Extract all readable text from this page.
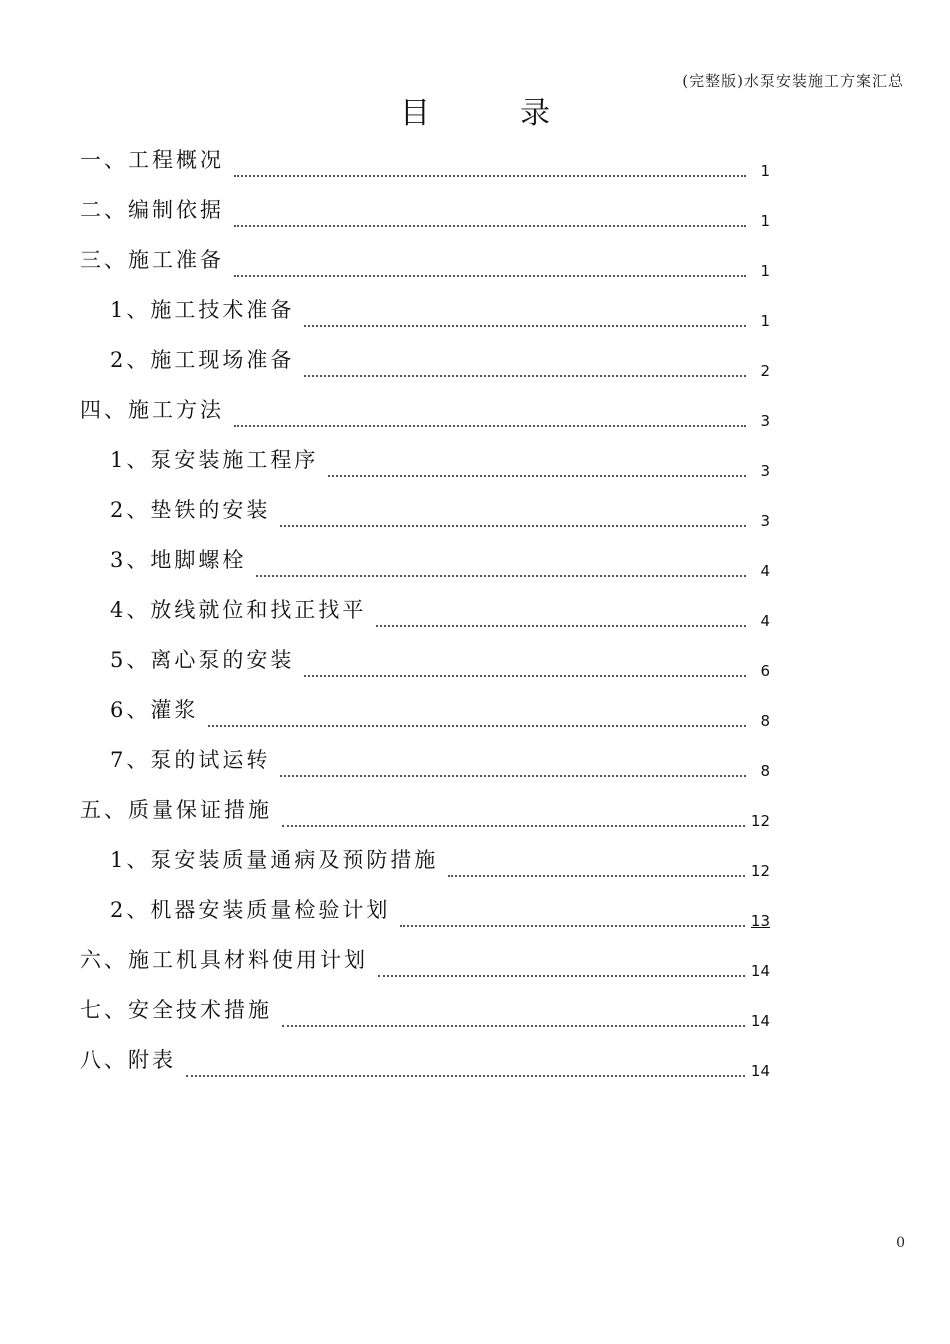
(完整版)水泵安装施工方案汇总
目录
一、工程概况	1
二、编制依据	1
三、施工准备	1
1、施工技术准备	1
2、施工现场准备	2
四、施工方法	3
1、泵安装施工程序	3
2、垫铁的安装	3
3、地脚螺栓	4
4、放线就位和找正找平	4
5、离心泵的安装	6
6、灌浆	8
7、泵的试运转	8
五、质量保证措施	12
1、泵安装质量通病及预防措施	12
2、机器安装质量检验计划	13
六、施工机具材料使用计划	14
七、安全技术措施	14
八、附表	14
0
